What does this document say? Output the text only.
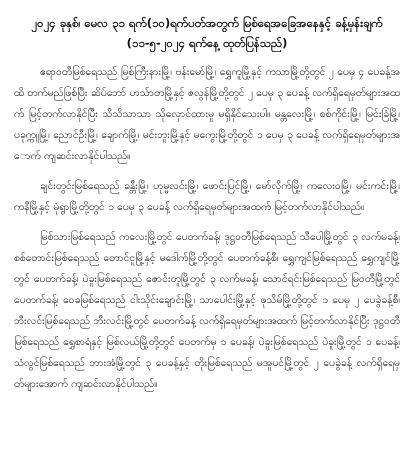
၂၀၂၄ ခုနှစ်၊ မေလ ၃၁ ရက်(၁၀)ရက်ပတ်အတွက် မြစ်ရေအခြေအနေနှင့် ခန့်မှန်းချက်

(၁၁-၅-၂၀၂၄ ရက်နေ့ ထုတ်ပြန်သည်)

ဧရာဝတီမြစ်ရေသည် မြစ်ကြီးနားမြို့၊ ဗန်းမော်မြို့၊ ရွှေကူမြို့နှင့် ကသာမြို့တို့တွင် ၂ ပေမှ ၄ ပေခန့်အထိ တက်မည်ဖြစ်ပြီး ဆိပ်ဘော် ဟသ်ာတမြို့နှင့် ဇလွန်မြို့တို့တွင် ၂ ပေမှ ၃ ပေခန့် လက်ရှိရေမှတ်များအထက် မြင့်တက်လာနိုင်ပြီး သိသိသာသာ သိုလှောင်ထားမှု မရှိနိုင်သေးပါ။ မန္တလေးမြို့၊ စစ်ကိုင်းမြို့၊ မြင်းခြံမြို့၊ ပခုက္ကူမြို့၊ ညောင်ဦးမြို့၊ ချောက်မြို့၊ မင်းဘူးမြို့နှင့် မကွေးမြို့တို့တွင် ၁ ပေမှ ၃ ပေခန့် လက်ရှိရေမှတ်များအောက် ကျဆင်းလာနိုင်ပါသည်။

ချင်းတွင်းမြစ်ရေသည် ခန္တီးမြို့၊ ဟုမ္မလင်းမြို့၊ ဖောင်းပြင်မြို့၊ မော်လိုက်မြို့၊ ကလေးဝမြို့၊ မင်းကင်းမြို့၊ ကနီမြို့နှင့် မုံရွာမြို့တို့တွင် ၁ ပေမှ ၃ ပေခန့် လက်ရှိရေမှတ်များအထက် မြင့်တက်လာနိုင်ပါသည်။

မြစ်သားမြစ်ရေသည် ကလေးမြို့တွင် ပေတက်ခန့်၊ ဒုဋ္ဌဝတီမြစ်ရေသည် သီပေါမြို့တွင် ၃ လက်မခန့်၊ စစ်တောင်းမြစ်ရေသည် တောင်ငူမြို့နှင့် မဒေါက်မြို့တို့တွင် ပေတက်ခန့်စီ၊ ရွှေကျင်မြစ်ရေသည် ရွှေကျင်မြို့တွင် ပေတက်ခန့်၊ ပဲခူးမြစ်ရေသည် ဇောင်းတူမြို့တွင် ၃ လက်မခန့်၊ သောင်ရင်းမြစ်ရေသည် မြဝတီမြို့တွင် ပေတက်ခန့်၊ ဝေခမြစ်ရေသည် ငါးသိုင်းချောင်းမြို့၊ သာပေါင်းမြို့နှင့် ဖုသိမ်မြို့တို့တွင် ၁ ပေမှ ၂ ပေခွဲခန့်စီ၊ ဘီးလင်းမြစ်ရေသည် ဘီးလင်းမြို့တွင် ပေတက်ခန့် လက်ရှိရေမှတ်များအထက် မြင့်တက်လာနိုင်ပြီး ဒုဋ္ဌဝတီမြစ်ရေသည် ရွှေစာရံနှင့် မြစ်လယ်မြို့တို့တွင် ပေတက်မှ ၁ ပေခန့်၊ ပဲခူးမြစ်ရေသည် ပဲခူးမြို့တွင် ၁ ပေခန့်၊ သံလွင်မြစ်ရေသည် ဘားအံမြို့တွင် ၃ ပေခန့်နှင့် တိုးမြစ်ရေသည် မအူပင်မြို့တွင် ၂ ပေခွဲခန့် လက်ရှိရေမှတ်များအောက် ကျဆင်းလာနိုင်ပါသည်။
